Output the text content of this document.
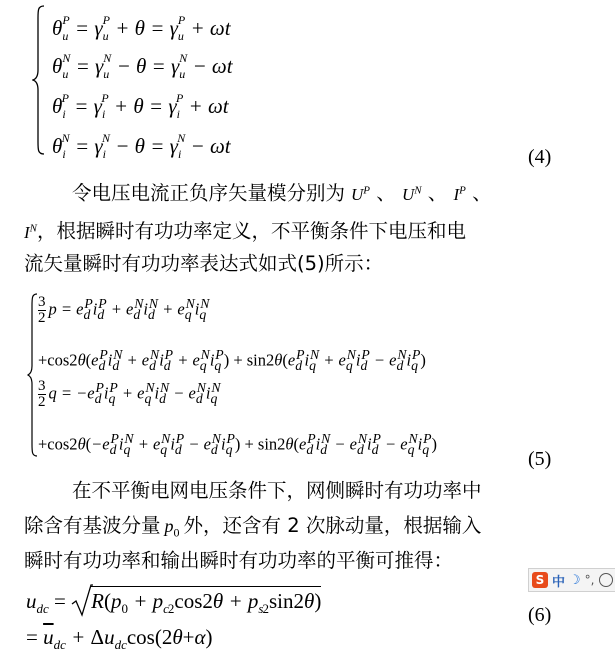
$\theta_u^P = \gamma_u^P + \theta = \gamma_u^P + \omega t$
$\theta_u^N = \gamma_u^N - \theta = \gamma_u^N - \omega t$
$\theta_i^P = \gamma_i^P + \theta = \gamma_i^P + \omega t$
$\theta_i^N = \gamma_i^N - \theta = \gamma_i^N - \omega t$	(4)
令电压电流正负序矢量模分别为 $U^P$ 、 $U^N$ 、 $I^P$ 、
$I^N$，根据瞬时有功功率定义，不平衡条件下电压和电
流矢量瞬时有功功率表达式如式(5)所示：
3

2 $p = e_d^Pi_d^P + e_d^Ni_d^N + e_q^Ni_q^N$
$+\cos 2\theta(e_d^Pi_d^N + e_d^Ni_d^P + e_q^Ni_q^P) + \sin 2\theta(e_d^Pi_q^N + e_q^Ni_d^P - e_d^Ni_q^P)$
3

2 $q = -e_d^Pi_q^P + e_q^Ni_d^N - e_d^Ni_q^N$
$+\cos 2\theta(-e_d^Pi_q^N + e_q^Ni_d^P - e_d^Ni_q^P) + \sin 2\theta(e_d^Pi_d^N - e_d^Ni_d^P - e_q^Ni_q^P)$
(5)
在不平衡电网电压条件下，网侧瞬时有功功率中
除含有基波分量 $p_0$ 外，还含有 2 次脉动量，根据输入
瞬时有功功率和输出瞬时有功功率的平衡可推得：
$u_{dc} = R(p_0 + p_{c2}\cos 2\theta + p_{s2}\sin 2\theta)$
(6)
= $\overline{u}_{dc} + \Delta u_{dc}\cos(2\theta+\alpha)$
S 中 ☽ °,
